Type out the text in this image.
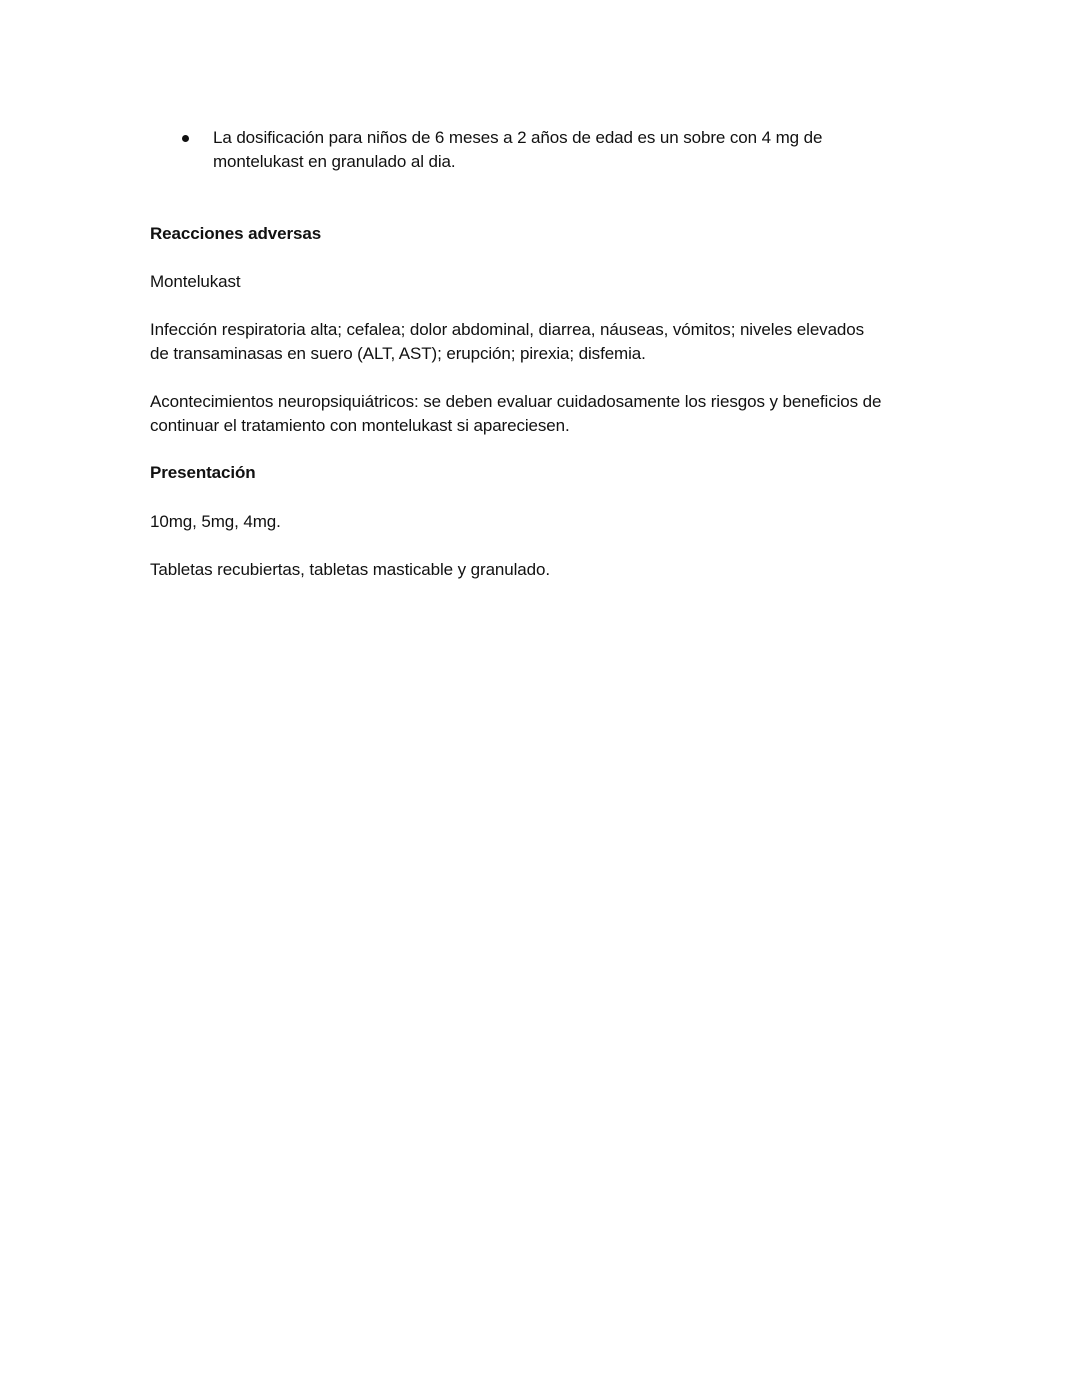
La dosificación para niños de 6 meses a 2 años de edad es un sobre con 4 mg de
montelukast en granulado al dia.
Reacciones adversas
Montelukast
Infección respiratoria alta; cefalea; dolor abdominal, diarrea, náuseas, vómitos; niveles elevados
de transaminasas en suero (ALT, AST); erupción; pirexia; disfemia.
Acontecimientos neuropsiquiátricos: se deben evaluar cuidadosamente los riesgos y beneficios de
continuar el tratamiento con montelukast si apareciesen.
Presentación
10mg, 5mg, 4mg.
Tabletas recubiertas, tabletas masticable y granulado.
